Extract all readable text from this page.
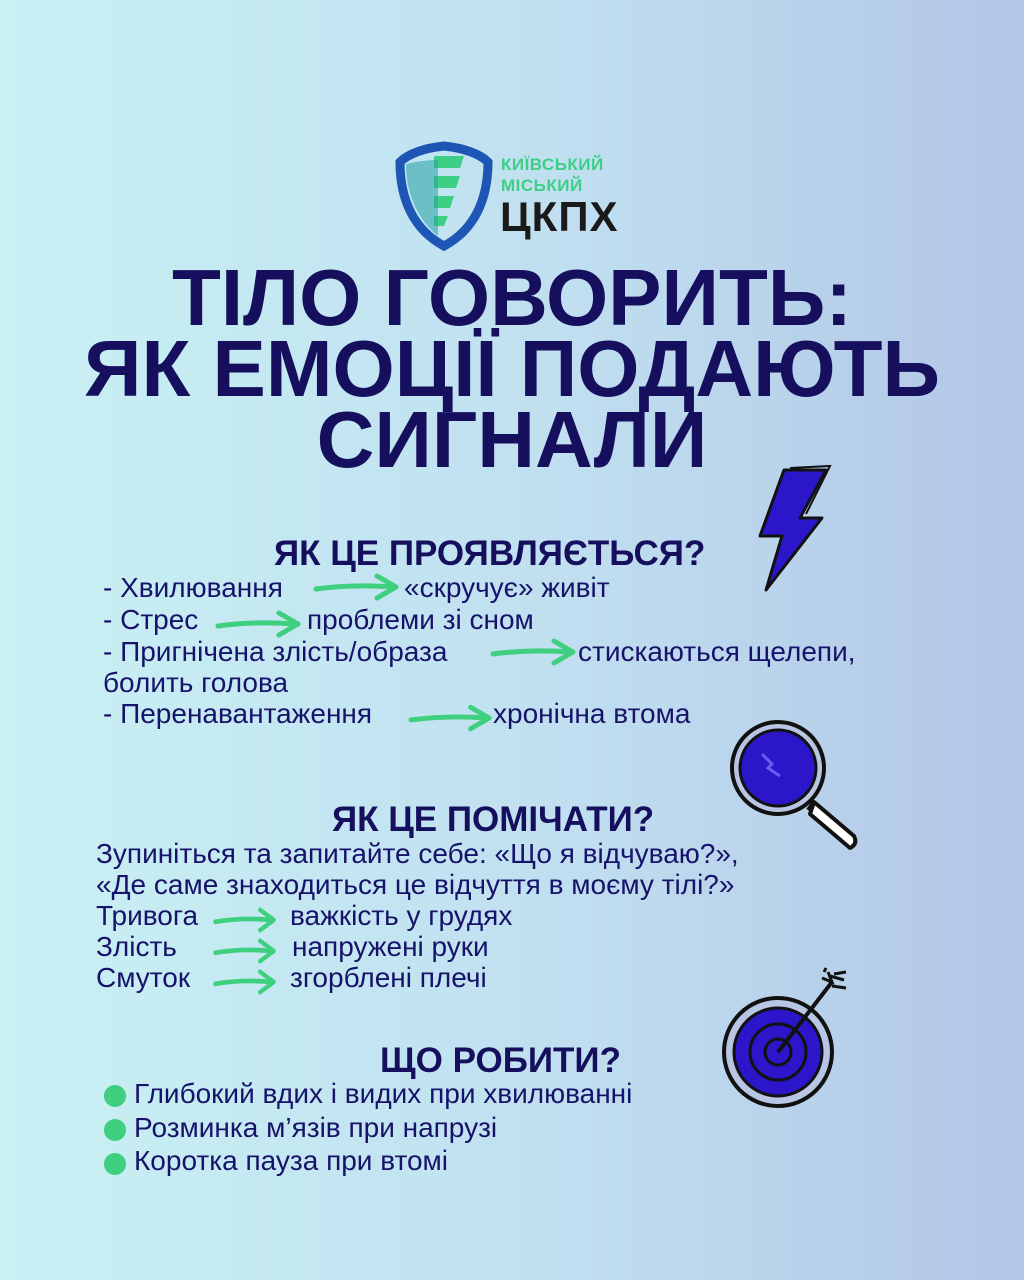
КИЇВСЬКИЙ
МІСЬКИЙ
ЦКПХ
ТІЛО ГОВОРИТЬ:
ЯК ЕМОЦІЇ ПОДАЮТЬ
СИГНАЛИ
ЯК ЦЕ ПРОЯВЛЯЄТЬСЯ?
- Хвилювання	«скручує» живіт
- Стрес	проблеми зі сном
- Пригнічена злість/образа	стискаються щелепи,
болить голова
- Перенавантаження	хронічна втома
ЯК ЦЕ ПОМІЧАТИ?
Зупиніться та запитайте себе: «Що я відчуваю?»,
«Де саме знаходиться це відчуття в моєму тілі?»
Тривога	важкість у грудях
Злість	напружені руки
Смуток	згорблені плечі
ЩО РОБИТИ?
Глибокий вдих і видих при хвилюванні
Розминка м’язів при напрузі
Коротка пауза при втомі
